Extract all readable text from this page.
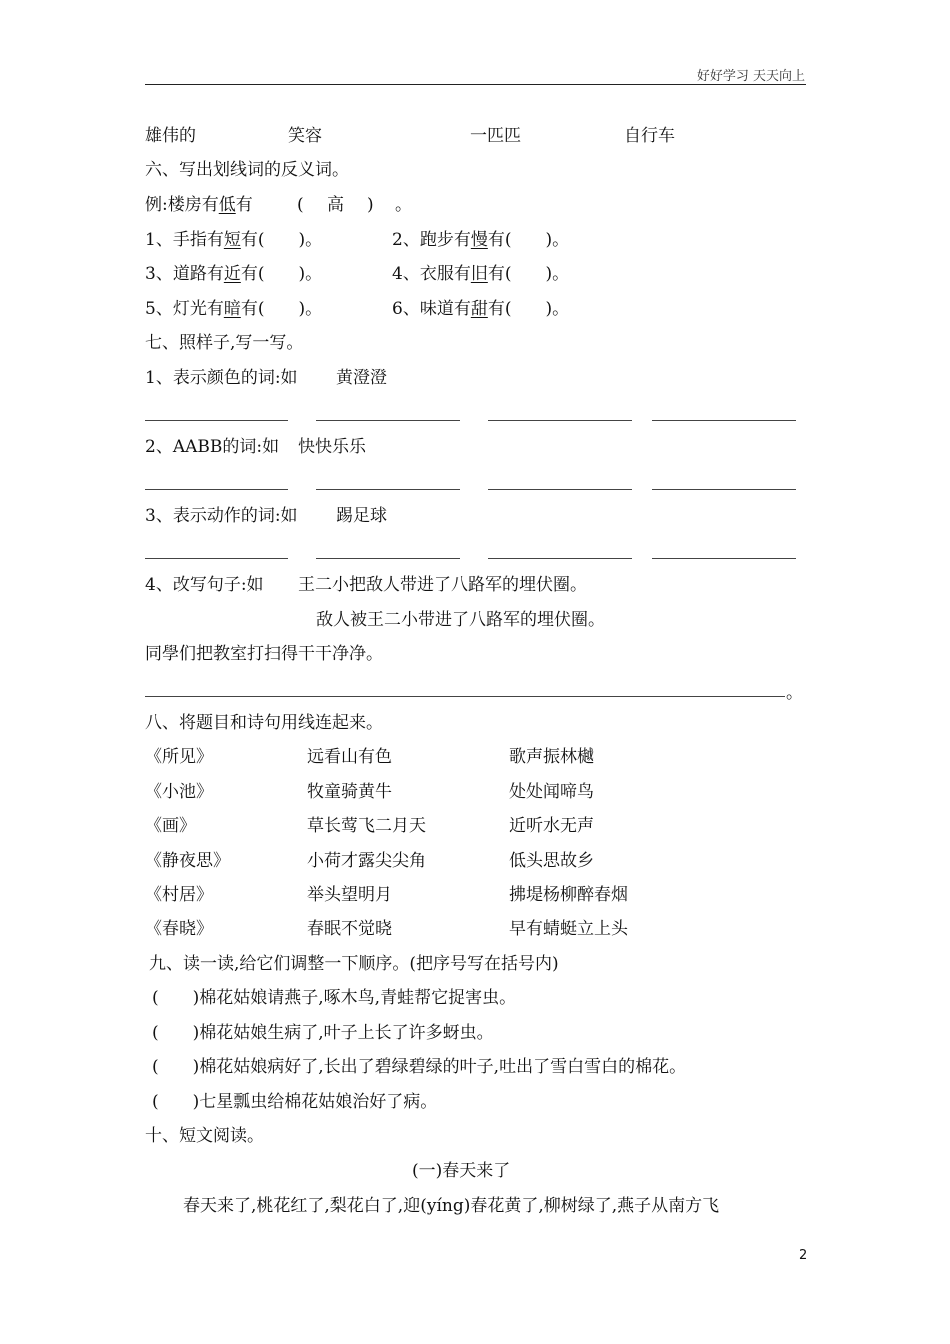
好好学习 天天向上
雄伟的	笑容	一匹匹	自行车
六、写出划线词的反义词。
例:楼房有低有	( 高 ) 。
1、手指有短有(　　)。	2、跑步有慢有(　　)。
3、道路有近有(　　)。	4、衣服有旧有(　　)。
5、灯光有暗有(　　)。	6、味道有甜有(　　)。
七、照样子,写一写。
1、表示颜色的词:如 黄澄澄
2、AABB的词:如 快快乐乐
3、表示动作的词:如 踢足球
4、改写句子:如 王二小把敌人带进了八路军的埋伏圈。
敌人被王二小带进了八路军的埋伏圈。
同學们把教室打扫得干干净净。
。
八、将题目和诗句用线连起来。
《所见》	远看山有色	歌声振林樾
《小池》	牧童骑黄牛	处处闻啼鸟
《画》	草长莺飞二月天	近听水无声
《静夜思》	小荷才露尖尖角	低头思故乡
《村居》	举头望明月	拂堤杨柳醉春烟
《春晓》	春眠不觉晓	早有蜻蜓立上头
九、读一读,给它们调整一下顺序。(把序号写在括号内)
(　　)棉花姑娘请燕子,啄木鸟,青蛙帮它捉害虫。
(　　)棉花姑娘生病了,叶子上长了许多蚜虫。
(　　)棉花姑娘病好了,长出了碧绿碧绿的叶子,吐出了雪白雪白的棉花。
(　　)七星瓢虫给棉花姑娘治好了病。
十、短文阅读。
(一)春天来了
春天来了,桃花红了,梨花白了,迎(yíng)春花黄了,柳树绿了,燕子从南方飞
2
